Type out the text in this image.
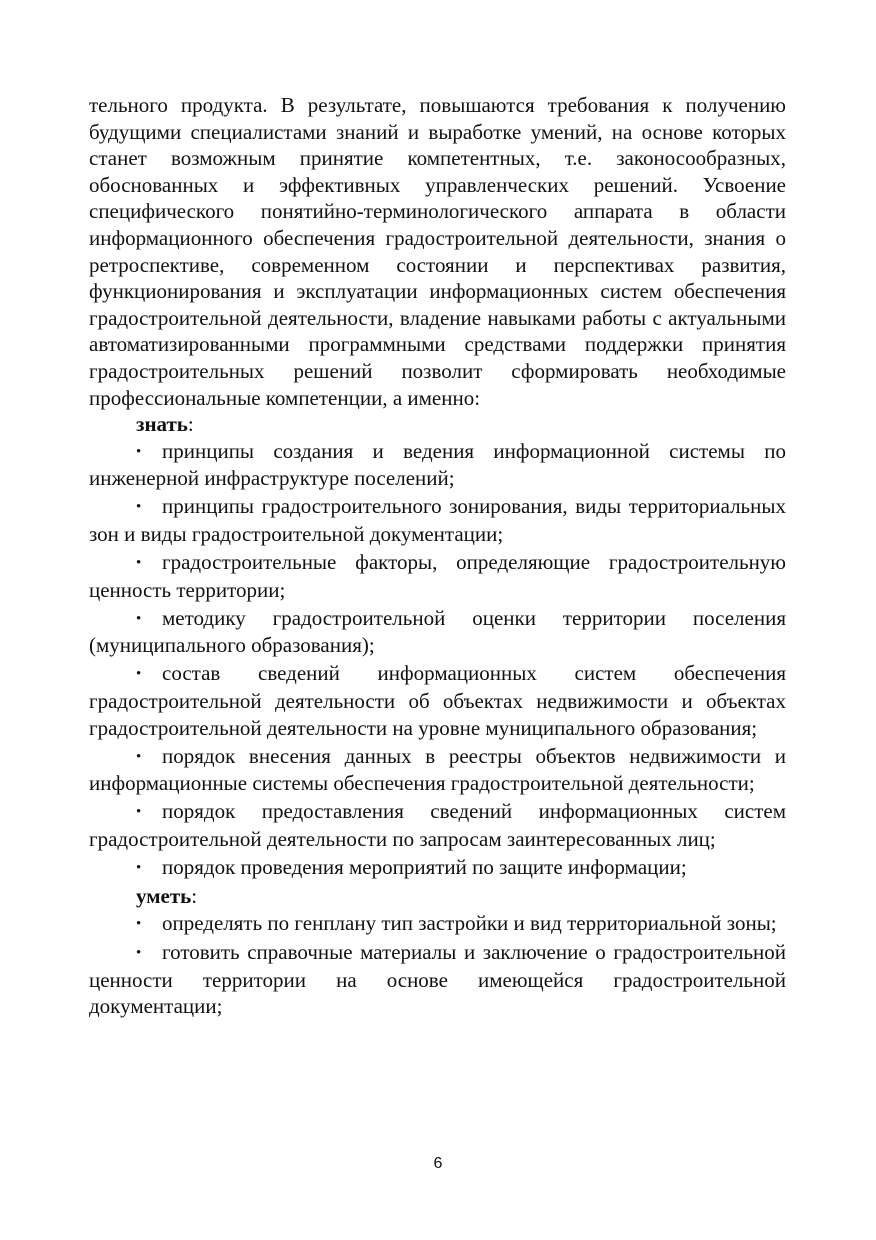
тельного продукта. В результате, повышаются требования к получению будущими специалистами знаний и выработке умений, на основе которых станет возможным принятие компетентных, т.е. законосообразных, обоснованных и эффективных управленческих решений. Усвоение специфического понятийно-терминологического аппарата в области информационного обеспечения градостроительной деятельности, знания о ретроспективе, современном состоянии и перспективах развития, функционирования и эксплуатации информационных систем обеспечения градостроительной деятельности, владение навыками работы с актуальными автоматизированными программными средствами поддержки принятия градостроительных решений позволит сформировать необходимые профессиональные компетенции, а именно:

знать:

• принципы создания и ведения информационной системы по инженерной инфраструктуре поселений;

• принципы градостроительного зонирования, виды территориальных зон и виды градостроительной документации;

• градостроительные факторы, определяющие градостроительную ценность территории;

• методику градостроительной оценки территории поселения (муниципального образования);

• состав сведений информационных систем обеспечения градостроительной деятельности об объектах недвижимости и объектах градостроительной деятельности на уровне муниципального образования;

• порядок внесения данных в реестры объектов недвижимости и информационные системы обеспечения градостроительной деятельности;

• порядок предоставления сведений информационных систем градостроительной деятельности по запросам заинтересованных лиц;

• порядок проведения мероприятий по защите информации;

уметь:

• определять по генплану тип застройки и вид территориальной зоны;

• готовить справочные материалы и заключение о градостроительной ценности территории на основе имеющейся градостроительной документации;

6
